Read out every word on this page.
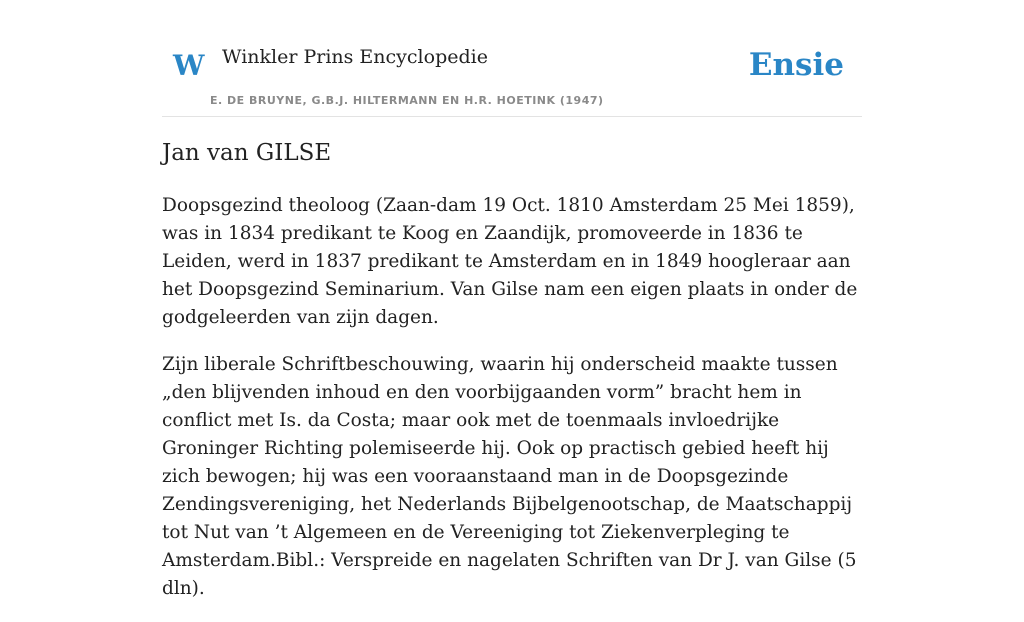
W Winkler Prins Encyclopedie
E. DE BRUYNE, G.B.J. HILTERMANN EN H.R. HOETINK (1947)
Ensie
Jan van GILSE

Doopsgezind theoloog (Zaan-dam 19 Oct. 1810 Amsterdam 25 Mei 1859), was in 1834 predikant te Koog en Zaandijk, promoveerde in 1836 te Leiden, werd in 1837 predikant te Amsterdam en in 1849 hoogleraar aan het Doopsgezind Seminarium. Van Gilse nam een eigen plaats in onder de godgeleerden van zijn dagen.

Zijn liberale Schriftbeschouwing, waarin hij onderscheid maakte tussen „den blijvenden inhoud en den voorbijgaanden vorm” bracht hem in conflict met Is. da Costa; maar ook met de toenmaals invloedrijke Groninger Richting polemiseerde hij. Ook op practisch gebied heeft hij zich bewogen; hij was een vooraanstaand man in de Doopsgezinde Zendingsvereniging, het Nederlands Bijbelgenootschap, de Maatschappij tot Nut van ’t Algemeen en de Vereeniging tot Ziekenverpleging te Amsterdam.Bibl.: Verspreide en nagelaten Schriften van Dr J. van Gilse (5 dln).
